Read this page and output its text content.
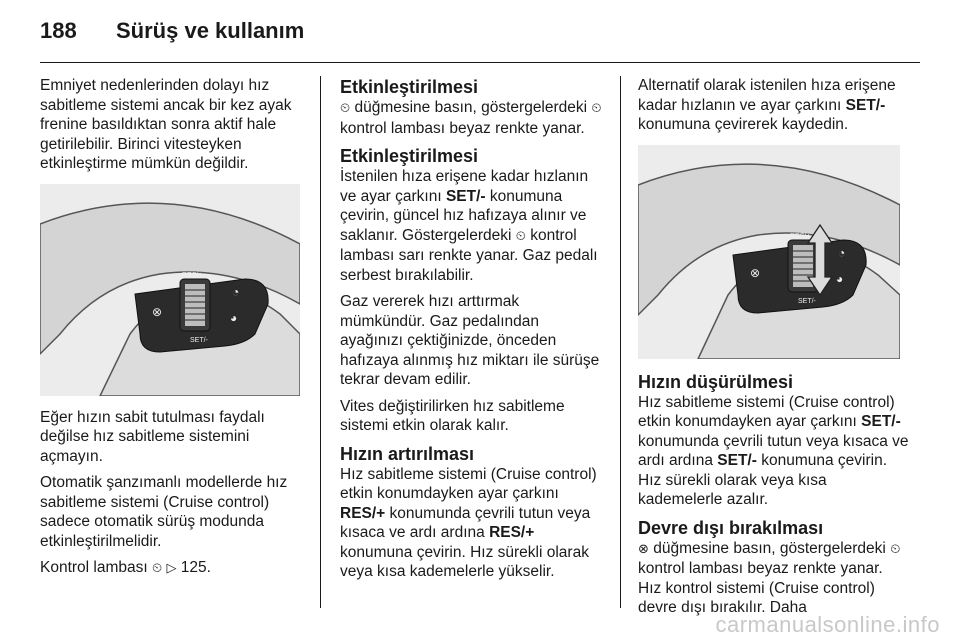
188 Sürüş ve kullanım

Emniyet nedenlerinden dolayı hız sabitleme sistemi ancak bir kez ayak frenine basıldıktan sonra aktif hale getirilebilir. Birinci vitesteyken etkinleştirme mümkün değildir.

RES/+
SET/-
⊗
◔
◕

Eğer hızın sabit tutulması faydalı değilse hız sabitleme sistemini açmayın.

Otomatik şanzımanlı modellerde hız sabitleme sistemi (Cruise control) sadece otomatik sürüş modunda etkinleştirilmelidir.

Kontrol lambası ⏲ ▷ 125.

Etkinleştirilmesi

⏲ düğmesine basın, göstergelerdeki ⏲ kontrol lambası beyaz renkte yanar.

Etkinleştirilmesi

İstenilen hıza erişene kadar hızlanın ve ayar çarkını SET/- konumuna çevirin, güncel hız hafızaya alınır ve saklanır. Göstergelerdeki ⏲ kontrol lambası sarı renkte yanar. Gaz pedalı serbest bırakılabilir.

Gaz vererek hızı arttırmak mümkündür. Gaz pedalından ayağınızı çektiğinizde, önceden hafızaya alınmış hız miktarı ile sürüşe tekrar devam edilir.

Vites değiştirilirken hız sabitleme sistemi etkin olarak kalır.

Hızın artırılması

Hız sabitleme sistemi (Cruise control) etkin konumdayken ayar çarkını RES/+ konumunda çevrili tutun veya kısaca ve ardı ardına RES/+ konumuna çevirin. Hız sürekli olarak veya kısa kademelerle yükselir.

Alternatif olarak istenilen hıza erişene kadar hızlanın ve ayar çarkını SET/- konumuna çevirerek kaydedin.

RES/+
SET/-
⊗
◔
◕
Hızın düşürülmesi

Hız sabitleme sistemi (Cruise control) etkin konumdayken ayar çarkını SET/- konumunda çevrili tutun veya kısaca ve ardı ardına SET/- konumuna çevirin. Hız sürekli olarak veya kısa kademelerle azalır.

Devre dışı bırakılması

⊗ düğmesine basın, göstergelerdeki ⏲ kontrol lambası beyaz renkte yanar. Hız kontrol sistemi (Cruise control) devre dışı bırakılır. Daha

carmanualsonline.info
